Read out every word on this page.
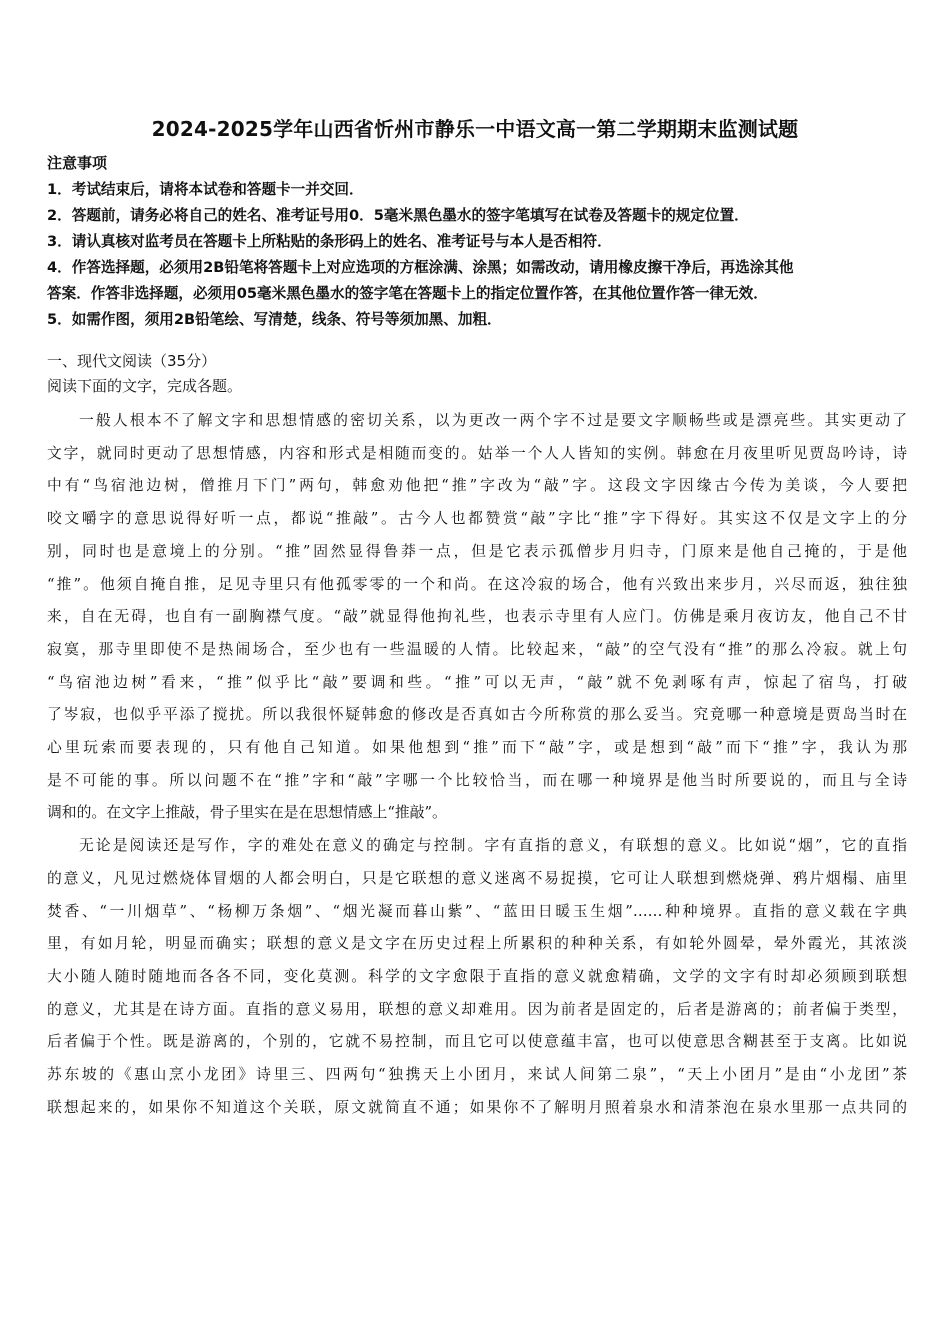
2024-2025学年山西省忻州市静乐一中语文高一第二学期期末监测试题
注意事项
1．考试结束后，请将本试卷和答题卡一并交回．
2．答题前，请务必将自己的姓名、准考证号用0．5毫米黑色墨水的签字笔填写在试卷及答题卡的规定位置．
3．请认真核对监考员在答题卡上所粘贴的条形码上的姓名、准考证号与本人是否相符．
4．作答选择题，必须用2B铅笔将答题卡上对应选项的方框涂满、涂黑；如需改动，请用橡皮擦干净后，再选涂其他
答案．作答非选择题，必须用05毫米黑色墨水的签字笔在答题卡上的指定位置作答，在其他位置作答一律无效．
5．如需作图，须用2B铅笔绘、写清楚，线条、符号等须加黑、加粗．
一、现代文阅读（35分）
阅读下面的文字，完成各题。
一般人根本不了解文字和思想情感的密切关系，以为更改一两个字不过是要文字顺畅些或是漂亮些。其实更动了
文字，就同时更动了思想情感，内容和形式是相随而变的。姑举一个人人皆知的实例。韩愈在月夜里听见贾岛吟诗，诗
中有“鸟宿池边树，僧推月下门”两句，韩愈劝他把“推”字改为“敲”字。这段文字因缘古今传为美谈，今人要把
咬文嚼字的意思说得好听一点，都说“推敲”。古今人也都赞赏“敲”字比“推”字下得好。其实这不仅是文字上的分
别，同时也是意境上的分别。“推”固然显得鲁莽一点，但是它表示孤僧步月归寺，门原来是他自己掩的，于是他
“推”。他须自掩自推，足见寺里只有他孤零零的一个和尚。在这冷寂的场合，他有兴致出来步月，兴尽而返，独往独
来，自在无碍，也自有一副胸襟气度。“敲”就显得他拘礼些，也表示寺里有人应门。仿佛是乘月夜访友，他自己不甘
寂寞，那寺里即使不是热闹场合，至少也有一些温暖的人情。比较起来，“敲”的空气没有“推”的那么冷寂。就上句
“鸟宿池边树”看来，“推”似乎比“敲”要调和些。“推”可以无声，“敲”就不免剥啄有声，惊起了宿鸟，打破
了岑寂，也似乎平添了搅扰。所以我很怀疑韩愈的修改是否真如古今所称赏的那么妥当。究竟哪一种意境是贾岛当时在
心里玩索而要表现的，只有他自己知道。如果他想到“推”而下“敲”字，或是想到“敲”而下“推”字，我认为那
是不可能的事。所以问题不在“推”字和“敲”字哪一个比较恰当，而在哪一种境界是他当时所要说的，而且与全诗
调和的。在文字上推敲，骨子里实在是在思想情感上“推敲”。
无论是阅读还是写作，字的难处在意义的确定与控制。字有直指的意义，有联想的意义。比如说“烟”，它的直指
的意义，凡见过燃烧体冒烟的人都会明白，只是它联想的意义迷离不易捉摸，它可让人联想到燃烧弹、鸦片烟榻、庙里
焚香、“一川烟草”、“杨柳万条烟”、“烟光凝而暮山紫”、“蓝田日暖玉生烟”……种种境界。直指的意义载在字典
里，有如月轮，明显而确实；联想的意义是文字在历史过程上所累积的种种关系，有如轮外圆晕，晕外霞光，其浓淡
大小随人随时随地而各各不同，变化莫测。科学的文字愈限于直指的意义就愈精确，文学的文字有时却必须顾到联想
的意义，尤其是在诗方面。直指的意义易用，联想的意义却难用。因为前者是固定的，后者是游离的；前者偏于类型，
后者偏于个性。既是游离的，个别的，它就不易控制，而且它可以使意蕴丰富，也可以使意思含糊甚至于支离。比如说
苏东坡的《惠山烹小龙团》诗里三、四两句“独携天上小团月，来试人间第二泉”，“天上小团月”是由“小龙团”茶
联想起来的，如果你不知道这个关联，原文就简直不通；如果你不了解明月照着泉水和清茶泡在泉水里那一点共同的
